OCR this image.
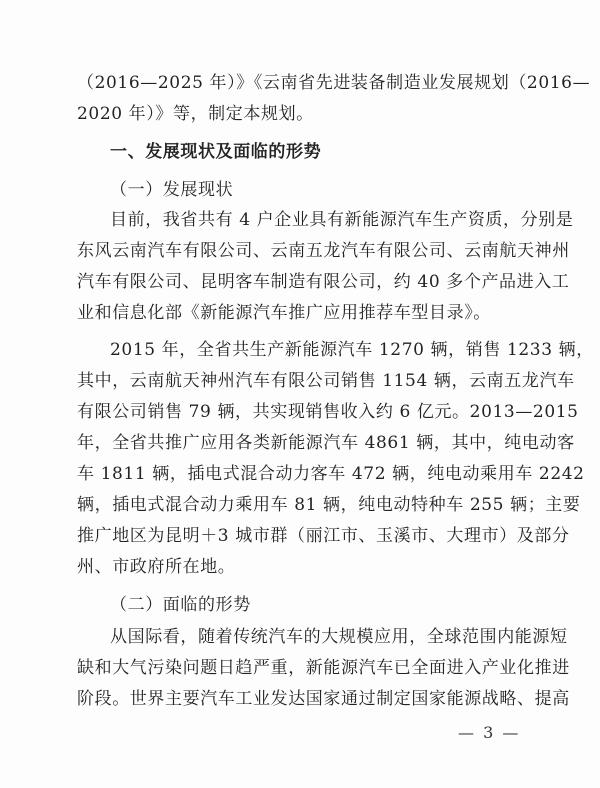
（2016—2025 年）》《云南省先进装备制造业发展规划（2016—
2020 年）》等，制定本规划。
一、发展现状及面临的形势
（一）发展现状
目前，我省共有 4 户企业具有新能源汽车生产资质，分别是
东风云南汽车有限公司、云南五龙汽车有限公司、云南航天神州
汽车有限公司、昆明客车制造有限公司，约 40 多个产品进入工
业和信息化部《新能源汽车推广应用推荐车型目录》。
2015 年，全省共生产新能源汽车 1270 辆，销售 1233 辆，
其中，云南航天神州汽车有限公司销售 1154 辆，云南五龙汽车
有限公司销售 79 辆，共实现销售收入约 6 亿元。2013—2015
年，全省共推广应用各类新能源汽车 4861 辆，其中，纯电动客
车 1811 辆，插电式混合动力客车 472 辆，纯电动乘用车 2242
辆，插电式混合动力乘用车 81 辆，纯电动特种车 255 辆；主要
推广地区为昆明＋3 城市群（丽江市、玉溪市、大理市）及部分
州、市政府所在地。
（二）面临的形势
从国际看，随着传统汽车的大规模应用，全球范围内能源短
缺和大气污染问题日趋严重，新能源汽车已全面进入产业化推进
阶段。世界主要汽车工业发达国家通过制定国家能源战略、提高
— 3 —
